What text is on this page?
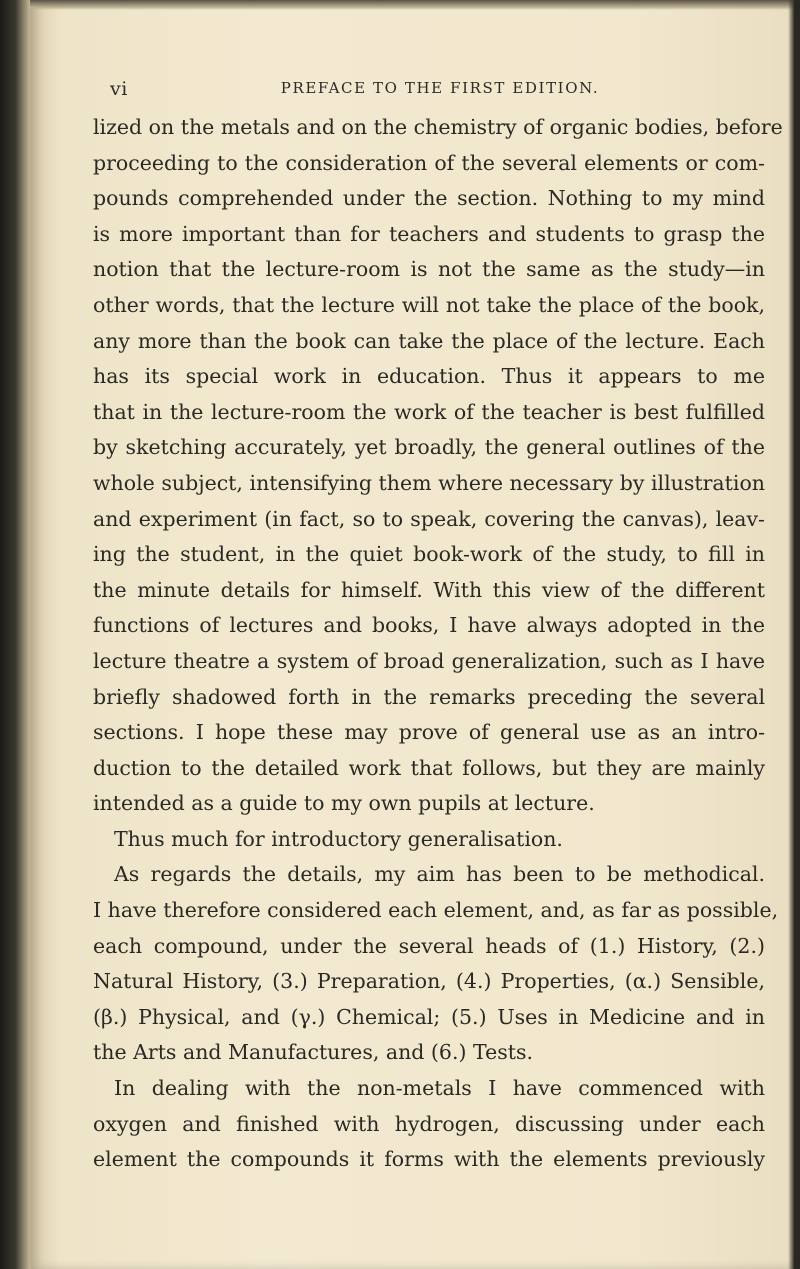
vi	PREFACE TO THE FIRST EDITION.
lized on the metals and on the chemistry of organic bodies, before
proceeding to the consideration of the several elements or com-
pounds comprehended under the section. Nothing to my mind
is more important than for teachers and students to grasp the
notion that the lecture-room is not the same as the study—in
other words, that the lecture will not take the place of the book,
any more than the book can take the place of the lecture. Each
has its special work in education. Thus it appears to me
that in the lecture-room the work of the teacher is best fulfilled
by sketching accurately, yet broadly, the general outlines of the
whole subject, intensifying them where necessary by illustration
and experiment (in fact, so to speak, covering the canvas), leav-
ing the student, in the quiet book-work of the study, to fill in
the minute details for himself. With this view of the different
functions of lectures and books, I have always adopted in the
lecture theatre a system of broad generalization, such as I have
briefly shadowed forth in the remarks preceding the several
sections. I hope these may prove of general use as an intro-
duction to the detailed work that follows, but they are mainly
intended as a guide to my own pupils at lecture.
Thus much for introductory generalisation.
As regards the details, my aim has been to be methodical.
I have therefore considered each element, and, as far as possible,
each compound, under the several heads of (1.) History, (2.)
Natural History, (3.) Preparation, (4.) Properties, (α.) Sensible,
(β.) Physical, and (γ.) Chemical; (5.) Uses in Medicine and in
the Arts and Manufactures, and (6.) Tests.
In dealing with the non-metals I have commenced with
oxygen and finished with hydrogen, discussing under each
element the compounds it forms with the elements previously
